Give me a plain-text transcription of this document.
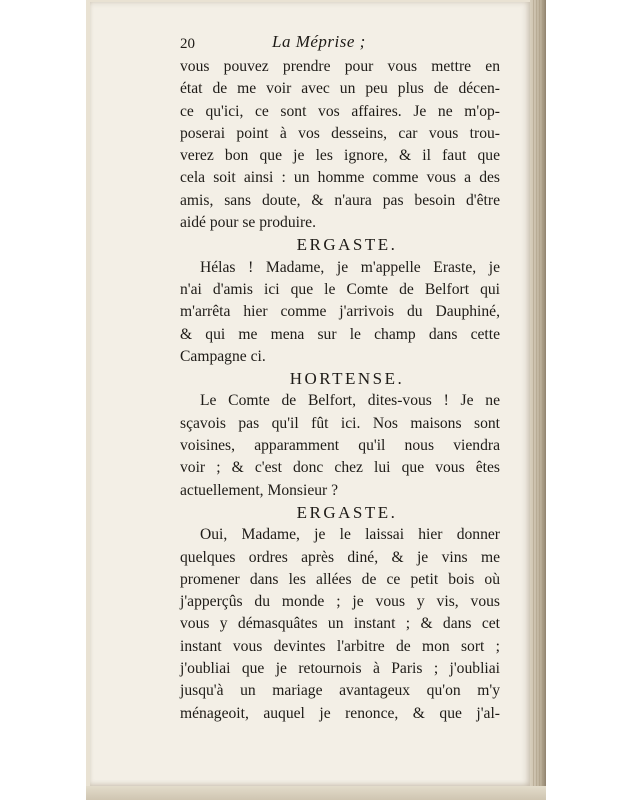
20	La Méprise ;
vous pouvez prendre pour vous mettre en
état de me voir avec un peu plus de décen-
ce qu'ici, ce sont vos affaires. Je ne m'op-
poserai point à vos desseins, car vous trou-
verez bon que je les ignore, & il faut que
cela soit ainsi : un homme comme vous a des
amis, sans doute, & n'aura pas besoin d'être
aidé pour se produire.
ERGASTE.
Hélas ! Madame, je m'appelle Eraste, je
n'ai d'amis ici que le Comte de Belfort qui
m'arrêta hier comme j'arrivois du Dauphiné,
& qui me mena sur le champ dans cette
Campagne ci.
HORTENSE.
Le Comte de Belfort, dites-vous ! Je ne
sçavois pas qu'il fût ici. Nos maisons sont
voisines, apparamment qu'il nous viendra
voir ; & c'est donc chez lui que vous êtes
actuellement, Monsieur ?
ERGASTE.
Oui, Madame, je le laissai hier donner
quelques ordres après diné, & je vins me
promener dans les allées de ce petit bois où
j'apperçûs du monde ; je vous y vis, vous
vous y démasquâtes un instant ; & dans cet
instant vous devintes l'arbitre de mon sort ;
j'oubliai que je retournois à Paris ; j'oubliai
jusqu'à un mariage avantageux qu'on m'y
ménageoit, auquel je renonce, & que j'al-
